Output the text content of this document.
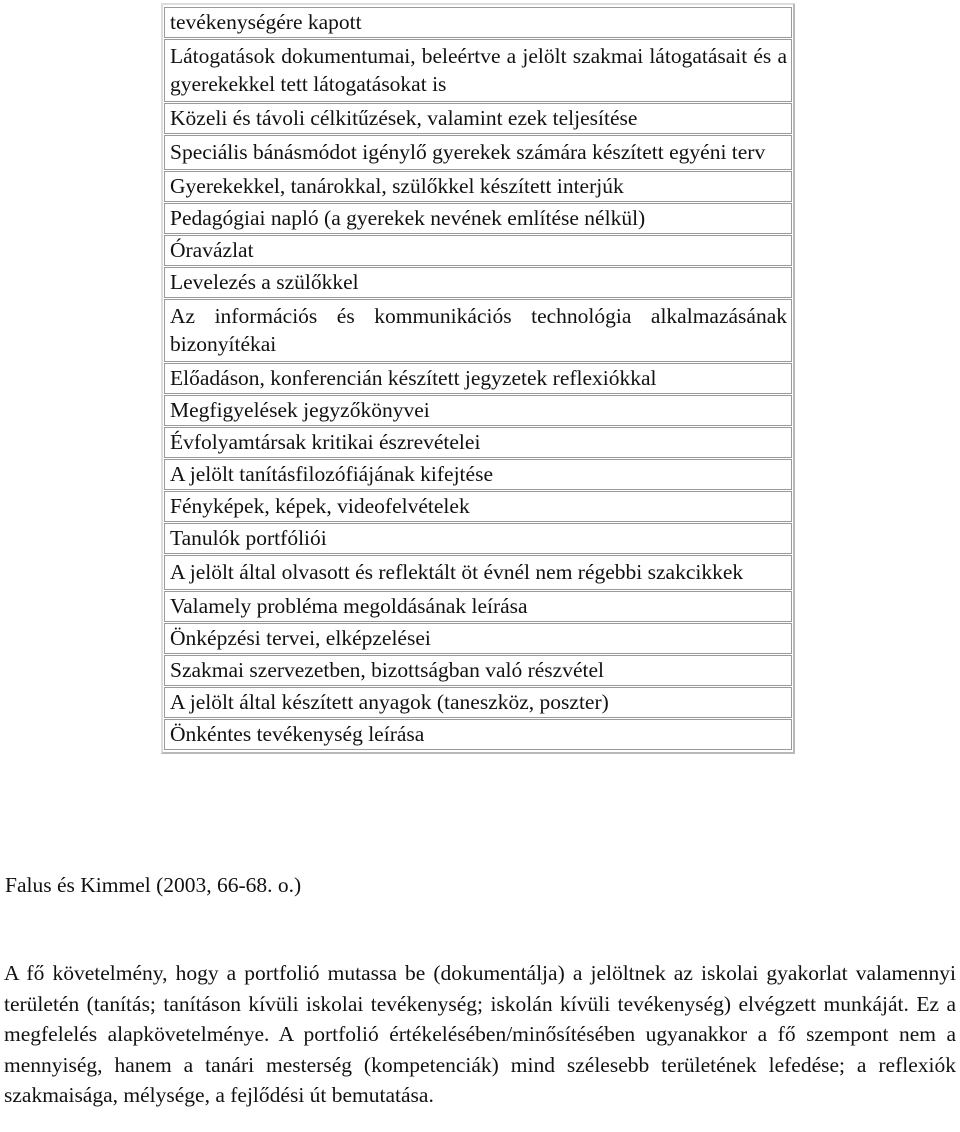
tevékenységére kapott
Látogatások dokumentumai, beleértve a jelölt szakmai látogatásait és a gyerekekkel tett látogatásokat is
Közeli és távoli célkitűzések, valamint ezek teljesítése
Speciális bánásmódot igénylő gyerekek számára készített egyéni terv
Gyerekekkel, tanárokkal, szülőkkel készített interjúk
Pedagógiai napló (a gyerekek nevének említése nélkül)
Óravázlat
Levelezés a szülőkkel
Az információs és kommunikációs technológia alkalmazásának bizonyítékai
Előadáson, konferencián készített jegyzetek reflexiókkal
Megfigyelések jegyzőkönyvei
Évfolyamtársak kritikai észrevételei
A jelölt tanításfilozófiájának kifejtése
Fényképek, képek, videofelvételek
Tanulók portfóliói
A jelölt által olvasott és reflektált öt évnél nem régebbi szakcikkek
Valamely probléma megoldásának leírása
Önképzési tervei, elképzelései
Szakmai szervezetben, bizottságban való részvétel
A jelölt által készített anyagok (taneszköz, poszter)
Önkéntes tevékenység leírása
Falus és Kimmel (2003, 66-68. o.)

A fő követelmény, hogy a portfolió mutassa be (dokumentálja) a jelöltnek az iskolai gyakorlat valamennyi területén (tanítás; tanításon kívüli iskolai tevékenység; iskolán kívüli tevékenység) elvégzett munkáját. Ez a megfelelés alapkövetelménye. A portfolió értékelésében/minősítésében ugyanakkor a fő szempont nem a mennyiség, hanem a tanári mesterség (kompetenciák) mind szélesebb területének lefedése; a reflexiók szakmaisága, mélysége, a fejlődési út bemutatása.
